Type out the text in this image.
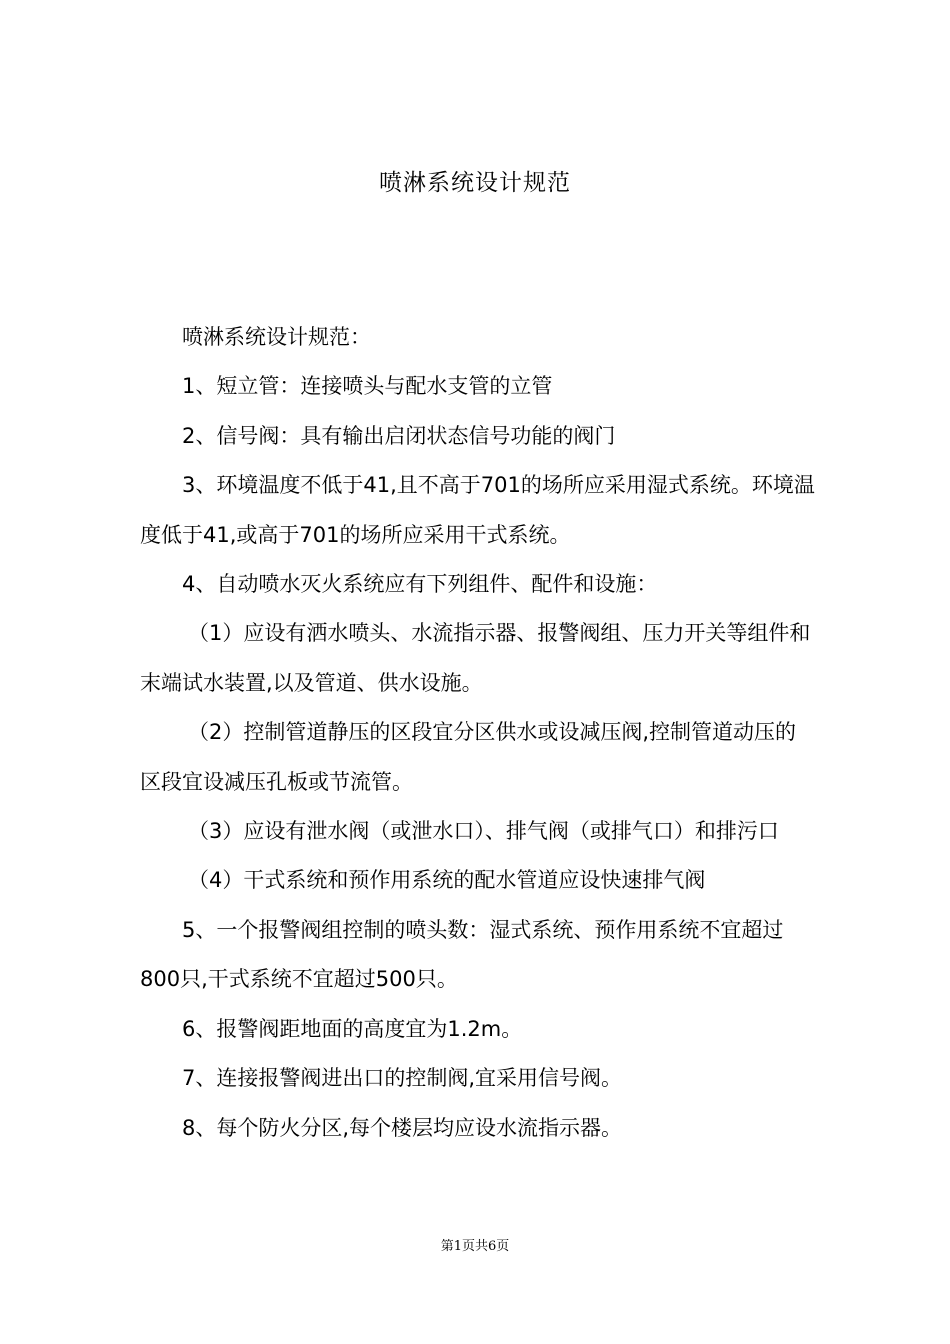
喷淋系统设计规范

喷淋系统设计规范：

1、短立管：连接喷头与配水支管的立管

2、信号阀：具有输出启闭状态信号功能的阀门

3、环境温度不低于41,且不高于701的场所应采用湿式系统。环境温度低于41,或高于701的场所应采用干式系统。

4、自动喷水灭火系统应有下列组件、配件和设施：

（1）应设有洒水喷头、水流指示器、报警阀组、压力开关等组件和末端试水装置,以及管道、供水设施。

（2）控制管道静压的区段宜分区供水或设减压阀,控制管道动压的区段宜设减压孔板或节流管。

（3）应设有泄水阀（或泄水口）、排气阀（或排气口）和排污口

（4）干式系统和预作用系统的配水管道应设快速排气阀

5、一个报警阀组控制的喷头数：湿式系统、预作用系统不宜超过800只,干式系统不宜超过500只。

6、报警阀距地面的高度宜为1.2m。

7、连接报警阀进出口的控制阀,宜采用信号阀。

8、每个防火分区,每个楼层均应设水流指示器。

第1页共6页
